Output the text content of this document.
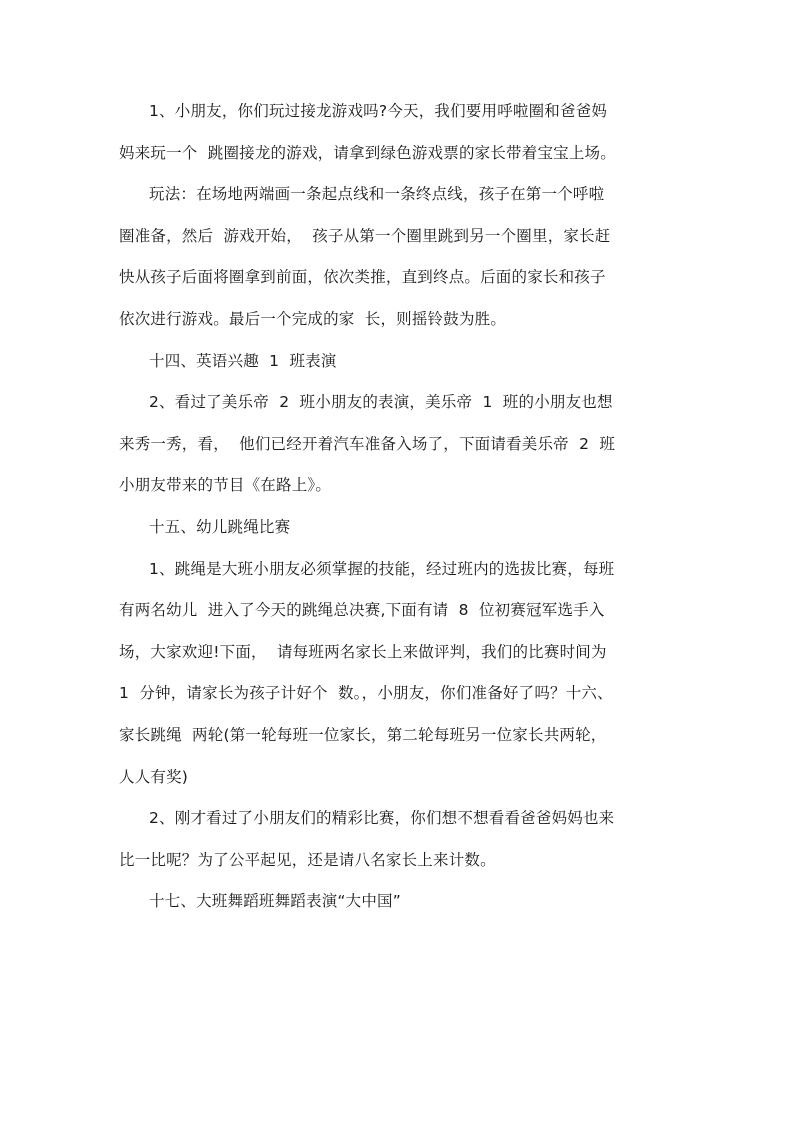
1、小朋友，你们玩过接龙游戏吗?今天，我们要用呼啦圈和爸爸妈
妈来玩一个  跳圈接龙的游戏，请拿到绿色游戏票的家长带着宝宝上场。
玩法：在场地两端画一条起点线和一条终点线，孩子在第一个呼啦
圈准备，然后  游戏开始，  孩子从第一个圈里跳到另一个圈里，家长赶
快从孩子后面将圈拿到前面，依次类推，直到终点。后面的家长和孩子
依次进行游戏。最后一个完成的家  长，则摇铃鼓为胜。
十四、英语兴趣  1  班表演
2、看过了美乐帝  2  班小朋友的表演，美乐帝  1  班的小朋友也想
来秀一秀，看，  他们已经开着汽车准备入场了，下面请看美乐帝  2  班
小朋友带来的节目《在路上》。
十五、幼儿跳绳比赛
1、跳绳是大班小朋友必须掌握的技能，经过班内的选拔比赛，每班
有两名幼儿  进入了今天的跳绳总决赛,下面有请  8  位初赛冠军选手入
场，大家欢迎!下面，  请每班两名家长上来做评判，我们的比赛时间为
1  分钟，请家长为孩子计好个  数。，小朋友，你们准备好了吗？十六、
家长跳绳  两轮(第一轮每班一位家长，第二轮每班另一位家长共两轮，
人人有奖)
2、刚才看过了小朋友们的精彩比赛，你们想不想看看爸爸妈妈也来
比一比呢？为了公平起见，还是请八名家长上来计数。
十七、大班舞蹈班舞蹈表演“大中国”
